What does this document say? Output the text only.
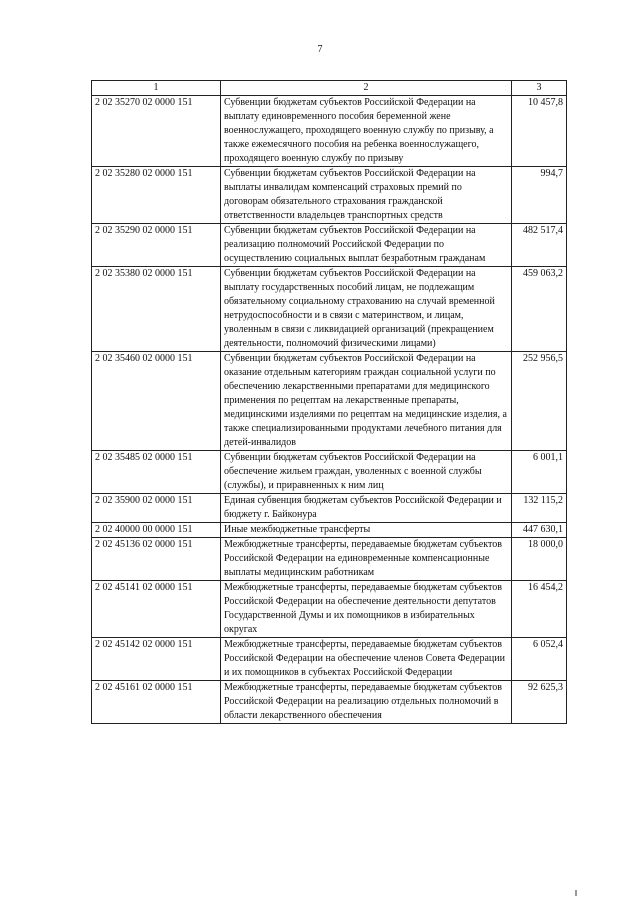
7
1	2	3
2 02 35270 02 0000 151	Субвенции бюджетам субъектов Российской Федерации на выплату единовременного пособия беременной жене военнослужащего, проходящего военную службу по призыву, а также ежемесячного пособия на ребенка военнослужащего, проходящего военную службу по призыву	10 457,8
2 02 35280 02 0000 151	Субвенции бюджетам субъектов Российской Федерации на выплаты инвалидам компенсаций страховых премий по договорам обязательного страхования гражданской ответственности владельцев транспортных средств	994,7
2 02 35290 02 0000 151	Субвенции бюджетам субъектов Российской Федерации на реализацию полномочий Российской Федерации по осуществлению социальных выплат безработным гражданам	482 517,4
2 02 35380 02 0000 151	Субвенции бюджетам субъектов Российской Федерации на выплату государственных пособий лицам, не подлежащим обязательному социальному страхованию на случай временной нетрудоспособности и в связи с материнством, и лицам, уволенным в связи с ликвидацией организаций (прекращением деятельности, полномочий физическими лицами)	459 063,2
2 02 35460 02 0000 151	Субвенции бюджетам субъектов Российской Федерации на оказание отдельным категориям граждан социальной услуги по обеспечению лекарственными препаратами для медицинского применения по рецептам на лекарственные препараты, медицинскими изделиями по рецептам на медицинские изделия, а также специализированными продуктами лечебного питания для детей-инвалидов	252 956,5
2 02 35485 02 0000 151	Субвенции бюджетам субъектов Российской Федерации на обеспечение жильем граждан, уволенных с военной службы (службы), и приравненных к ним лиц	6 001,1
2 02 35900 02 0000 151	Единая субвенция бюджетам субъектов Российской Федерации и бюджету г. Байконура	132 115,2
2 02 40000 00 0000 151	Иные межбюджетные трансферты	447 630,1
2 02 45136 02 0000 151	Межбюджетные трансферты, передаваемые бюджетам субъектов Российской Федерации на единовременные компенсационные выплаты медицинским работникам	18 000,0
2 02 45141 02 0000 151	Межбюджетные трансферты, передаваемые бюджетам субъектов Российской Федерации на обеспечение деятельности депутатов Государственной Думы и их помощников в избирательных округах	16 454,2
2 02 45142 02 0000 151	Межбюджетные трансферты, передаваемые бюджетам субъектов Российской Федерации на обеспечение членов Совета Федерации и их помощников в субъектах Российской Федерации	6 052,4
2 02 45161 02 0000 151	Межбюджетные трансферты, передаваемые бюджетам субъектов Российской Федерации на реализацию отдельных полномочий в области лекарственного обеспечения	92 625,3
